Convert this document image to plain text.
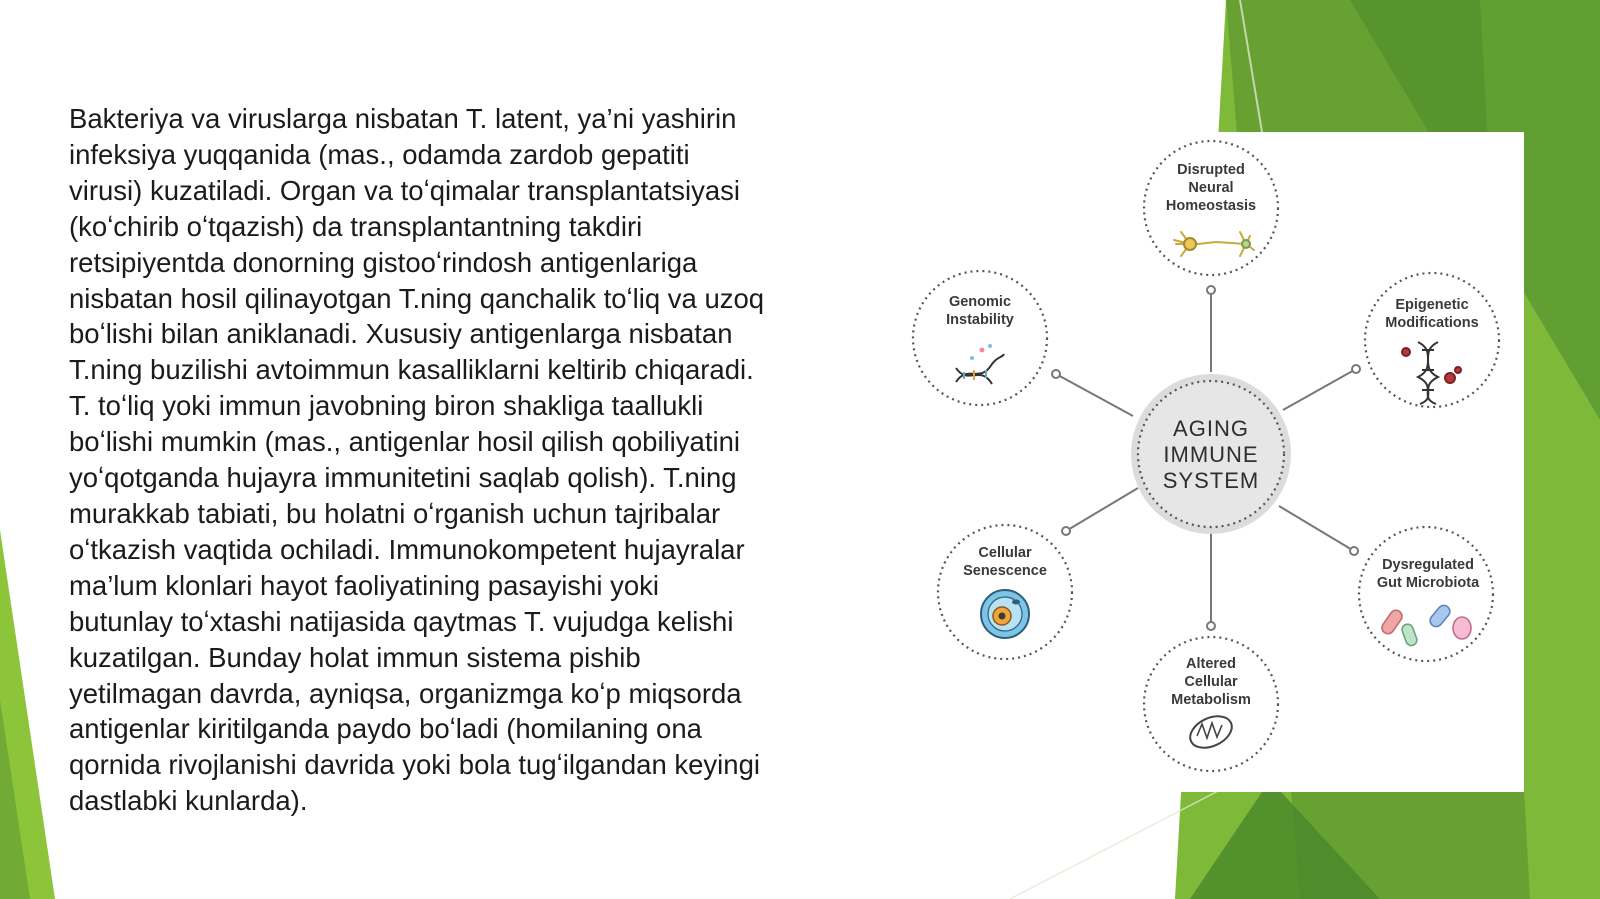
Bakteriya va viruslarga nisbatan T. latent, ya’ni yashirin
infeksiya yuqqanida (mas., odamda zardob gepatiti
virusi) kuzatiladi. Organ va toʻqimalar transplantatsiyasi
(koʻchirib oʻtqazish) da transplantantning takdiri
retsipiyentda donorning gistooʻrindosh antigenlariga
nisbatan hosil qilinayotgan T.ning qanchalik toʻliq va uzoq
boʻlishi bilan aniklanadi. Xususiy antigenlarga nisbatan
T.ning buzilishi avtoimmun kasalliklarni keltirib chiqaradi.
T. toʻliq yoki immun javobning biron shakliga taallukli
boʻlishi mumkin (mas., antigenlar hosil qilish qobiliyatini
yoʻqotganda hujayra immunitetini saqlab qolish). T.ning
murakkab tabiati, bu holatni oʻrganish uchun tajribalar
oʻtkazish vaqtida ochiladi. Immunokompetent hujayralar
ma’lum klonlari hayot faoliyatining pasayishi yoki
butunlay toʻxtashi natijasida qaytmas T. vujudga kelishi
kuzatilgan. Bunday holat immun sistema pishib
yetilmagan davrda, ayniqsa, organizmga koʻp miqsorda
antigenlar kiritilganda paydo boʻladi (homilaning ona
qornida rivojlanishi davrida yoki bola tugʻilgandan keyingi
dastlabki kunlarda).

AGING
IMMUNE
SYSTEM
Disrupted
Neural
Homeostasis
Epigenetic
Modifications
Dysregulated
Gut Microbiota
Altered
Cellular
Metabolism
Cellular
Senescence
Genomic
Instability
